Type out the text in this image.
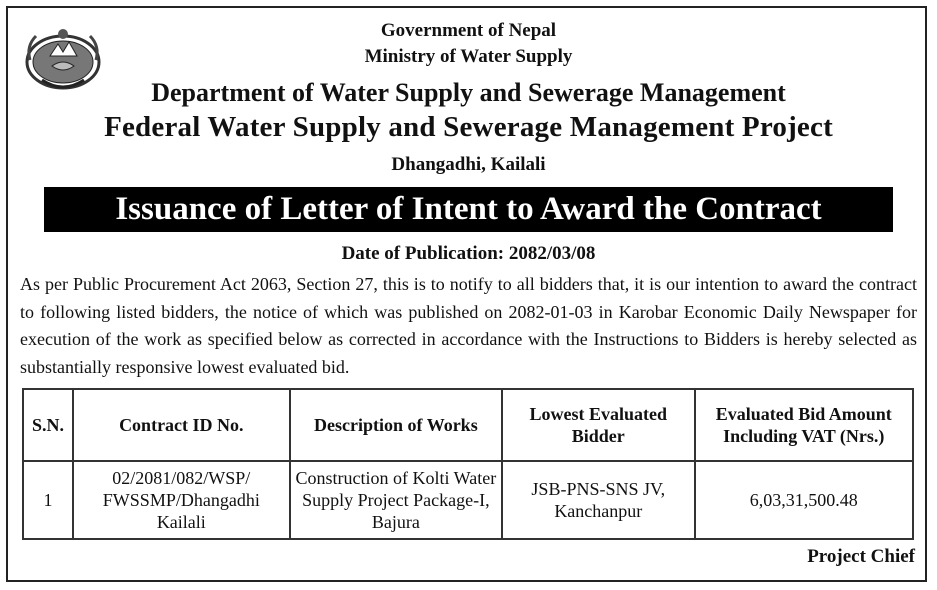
Government of Nepal
Ministry of Water Supply
Department of Water Supply and Sewerage Management
Federal Water Supply and Sewerage Management Project
Dhangadhi, Kailali
Issuance of Letter of Intent to Award the Contract
Date of Publication: 2082/03/08
As per Public Procurement Act 2063, Section 27, this is to notify to all bidders that, it is our intention to award the contract to following listed bidders, the notice of which was published on 2082-01-03 in Karobar Economic Daily Newspaper for execution of the work as specified below as corrected in accordance with the Instructions to Bidders is hereby selected as substantially responsive lowest evaluated bid.
S.N.	Contract ID No.	Description of Works	Lowest Evaluated Bidder	Evaluated Bid Amount Including VAT (Nrs.)
1	02/2081/082/WSP/ FWSSMP/Dhangadhi Kailali	Construction of Kolti Water Supply Project Package-I, Bajura	JSB-PNS-SNS JV, Kanchanpur	6,03,31,500.48
Project Chief
